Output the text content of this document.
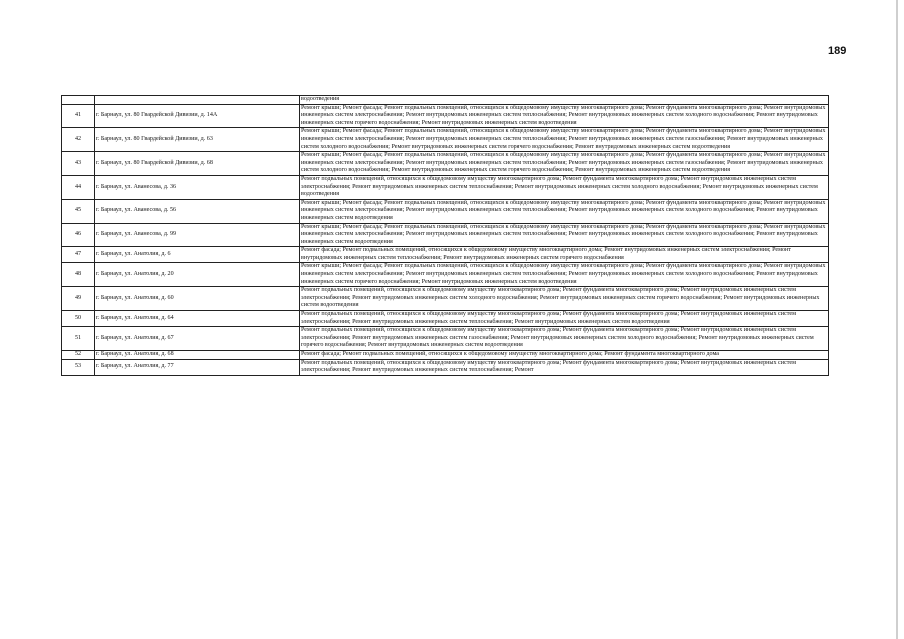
189
		водоотведения
41	г. Барнаул, ул. 80 Гвардейской Дивизии, д. 14А	Ремонт крыши; Ремонт фасада; Ремонт подвальных помещений, относящихся к общедомовому имуществу многоквартирного дома; Ремонт фундамента многоквартирного дома; Ремонт внутридомовых инженерных систем электроснабжения; Ремонт внутридомовых инженерных систем теплоснабжения; Ремонт внутридомовых инженерных систем холодного водоснабжения; Ремонт внутридомовых инженерных систем горячего водоснабжения; Ремонт внутридомовых инженерных систем водоотведения
42	г. Барнаул, ул. 80 Гвардейской Дивизии, д. 63	Ремонт крыши; Ремонт фасада; Ремонт подвальных помещений, относящихся к общедомовому имуществу многоквартирного дома; Ремонт фундамента многоквартирного дома; Ремонт внутридомовых инженерных систем электроснабжения; Ремонт внутридомовых инженерных систем теплоснабжения; Ремонт внутридомовых инженерных систем газоснабжения; Ремонт внутридомовых инженерных систем холодного водоснабжения; Ремонт внутридомовых инженерных систем горячего водоснабжения; Ремонт внутридомовых инженерных систем водоотведения
43	г. Барнаул, ул. 80 Гвардейской Дивизии, д. 68	Ремонт крыши; Ремонт фасада; Ремонт подвальных помещений, относящихся к общедомовому имуществу многоквартирного дома; Ремонт фундамента многоквартирного дома; Ремонт внутридомовых инженерных систем электроснабжения; Ремонт внутридомовых инженерных систем теплоснабжения; Ремонт внутридомовых инженерных систем газоснабжения; Ремонт внутридомовых инженерных систем холодного водоснабжения; Ремонт внутридомовых инженерных систем горячего водоснабжения; Ремонт внутридомовых инженерных систем водоотведения
44	г. Барнаул, ул. Аванесова, д. 36	Ремонт подвальных помещений, относящихся к общедомовому имуществу многоквартирного дома; Ремонт фундамента многоквартирного дома; Ремонт внутридомовых инженерных систем электроснабжения; Ремонт внутридомовых инженерных систем теплоснабжения; Ремонт внутридомовых инженерных систем холодного водоснабжения; Ремонт внутридомовых инженерных систем водоотведения
45	г. Барнаул, ул. Аванесова, д. 56	Ремонт крыши; Ремонт фасада; Ремонт подвальных помещений, относящихся к общедомовому имуществу многоквартирного дома; Ремонт фундамента многоквартирного дома; Ремонт внутридомовых инженерных систем электроснабжения; Ремонт внутридомовых инженерных систем теплоснабжения; Ремонт внутридомовых инженерных систем холодного водоснабжения; Ремонт внутридомовых инженерных систем водоотведения
46	г. Барнаул, ул. Аванесова, д. 99	Ремонт крыши; Ремонт фасада; Ремонт подвальных помещений, относящихся к общедомовому имуществу многоквартирного дома; Ремонт фундамента многоквартирного дома; Ремонт внутридомовых инженерных систем электроснабжения; Ремонт внутридомовых инженерных систем теплоснабжения; Ремонт внутридомовых инженерных систем холодного водоснабжения; Ремонт внутридомовых инженерных систем водоотведения
47	г. Барнаул, ул. Анатолия, д. 6	Ремонт фасада; Ремонт подвальных помещений, относящихся к общедомовому имуществу многоквартирного дома; Ремонт внутридомовых инженерных систем электроснабжения; Ремонт внутридомовых инженерных систем теплоснабжения; Ремонт внутридомовых инженерных систем горячего водоснабжения
48	г. Барнаул, ул. Анатолия, д. 20	Ремонт крыши; Ремонт фасада; Ремонт подвальных помещений, относящихся к общедомовому имуществу многоквартирного дома; Ремонт фундамента многоквартирного дома; Ремонт внутридомовых инженерных систем электроснабжения; Ремонт внутридомовых инженерных систем теплоснабжения; Ремонт внутридомовых инженерных систем холодного водоснабжения; Ремонт внутридомовых инженерных систем горячего водоснабжения; Ремонт внутридомовых инженерных систем водоотведения
49	г. Барнаул, ул. Анатолия, д. 60	Ремонт подвальных помещений, относящихся к общедомовому имуществу многоквартирного дома; Ремонт фундамента многоквартирного дома; Ремонт внутридомовых инженерных систем электроснабжения; Ремонт внутридомовых инженерных систем холодного водоснабжения; Ремонт внутридомовых инженерных систем горячего водоснабжения; Ремонт внутридомовых инженерных систем водоотведения
50	г. Барнаул, ул. Анатолия, д. 64	Ремонт подвальных помещений, относящихся к общедомовому имуществу многоквартирного дома; Ремонт фундамента многоквартирного дома; Ремонт внутридомовых инженерных систем электроснабжения; Ремонт внутридомовых инженерных систем теплоснабжения; Ремонт внутридомовых инженерных систем водоотведения
51	г. Барнаул, ул. Анатолия, д. 67	Ремонт подвальных помещений, относящихся к общедомовому имуществу многоквартирного дома; Ремонт фундамента многоквартирного дома; Ремонт внутридомовых инженерных систем электроснабжения; Ремонт внутридомовых инженерных систем газоснабжения; Ремонт внутридомовых инженерных систем холодного водоснабжения; Ремонт внутридомовых инженерных систем горячего водоснабжения; Ремонт внутридомовых инженерных систем водоотведения
52	г. Барнаул, ул. Анатолия, д. 68	Ремонт фасада; Ремонт подвальных помещений, относящихся к общедомовому имуществу многоквартирного дома; Ремонт фундамента многоквартирного дома
53	г. Барнаул, ул. Анатолия, д. 77	Ремонт подвальных помещений, относящихся к общедомовому имуществу многоквартирного дома; Ремонт фундамента многоквартирного дома; Ремонт внутридомовых инженерных систем электроснабжения; Ремонт внутридомовых инженерных систем теплоснабжения; Ремонт
